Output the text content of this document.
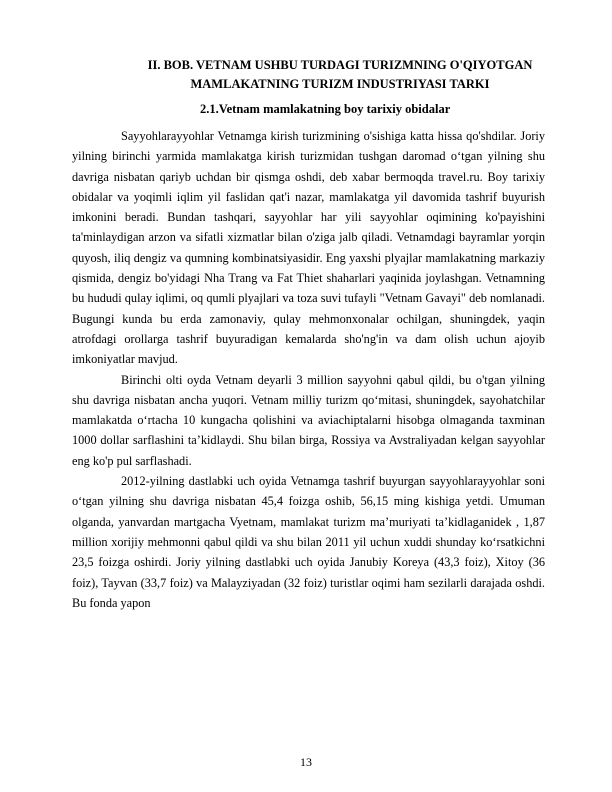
II. BOB. VETNAM USHBU TURDAGI TURIZMNING O'QIYOTGAN
MAMLAKATNING TURIZM INDUSTRIYASI TARKI
2.1.Vetnam mamlakatning boy tarixiy obidalar

Sayyohlarayyohlar Vetnamga kirish turizmining o'sishiga katta hissa qo'shdilar. Joriy yilning birinchi yarmida mamlakatga kirish turizmidan tushgan daromad o‘tgan yilning shu davriga nisbatan qariyb uchdan bir qismga oshdi, deb xabar bermoqda travel.ru. Boy tarixiy obidalar va yoqimli iqlim yil faslidan qat'i nazar, mamlakatga yil davomida tashrif buyurish imkonini beradi. Bundan tashqari, sayyohlar har yili sayyohlar oqimining ko'payishini ta'minlaydigan arzon va sifatli xizmatlar bilan o'ziga jalb qiladi. Vetnamdagi bayramlar yorqin quyosh, iliq dengiz va qumning kombinatsiyasidir. Eng yaxshi plyajlar mamlakatning markaziy qismida, dengiz bo'yidagi Nha Trang va Fat Thiet shaharlari yaqinida joylashgan. Vetnamning bu hududi qulay iqlimi, oq qumli plyajlari va toza suvi tufayli "Vetnam Gavayi" deb nomlanadi. Bugungi kunda bu erda zamonaviy, qulay mehmonxonalar ochilgan, shuningdek, yaqin atrofdagi orollarga tashrif buyuradigan kemalarda sho'ng'in va dam olish uchun ajoyib imkoniyatlar mavjud.

Birinchi olti oyda Vetnam deyarli 3 million sayyohni qabul qildi, bu o'tgan yilning shu davriga nisbatan ancha yuqori. Vetnam milliy turizm qo‘mitasi, shuningdek, sayohatchilar mamlakatda o‘rtacha 10 kungacha qolishini va aviachiptalarni hisobga olmaganda taxminan 1000 dollar sarflashini ta’kidlaydi. Shu bilan birga, Rossiya va Avstraliyadan kelgan sayyohlar eng ko'p pul sarflashadi.

2012-yilning dastlabki uch oyida Vetnamga tashrif buyurgan sayyohlarayyohlar soni o‘tgan yilning shu davriga nisbatan 45,4 foizga oshib, 56,15 ming kishiga yetdi. Umuman olganda, yanvardan martgacha Vyetnam, mamlakat turizm ma’muriyati ta’kidlaganidek , 1,87 million xorijiy mehmonni qabul qildi va shu bilan 2011 yil uchun xuddi shunday ko‘rsatkichni 23,5 foizga oshirdi. Joriy yilning dastlabki uch oyida Janubiy Koreya (43,3 foiz), Xitoy (36 foiz), Tayvan (33,7 foiz) va Malayziyadan (32 foiz) turistlar oqimi ham sezilarli darajada oshdi. Bu fonda yapon

13
